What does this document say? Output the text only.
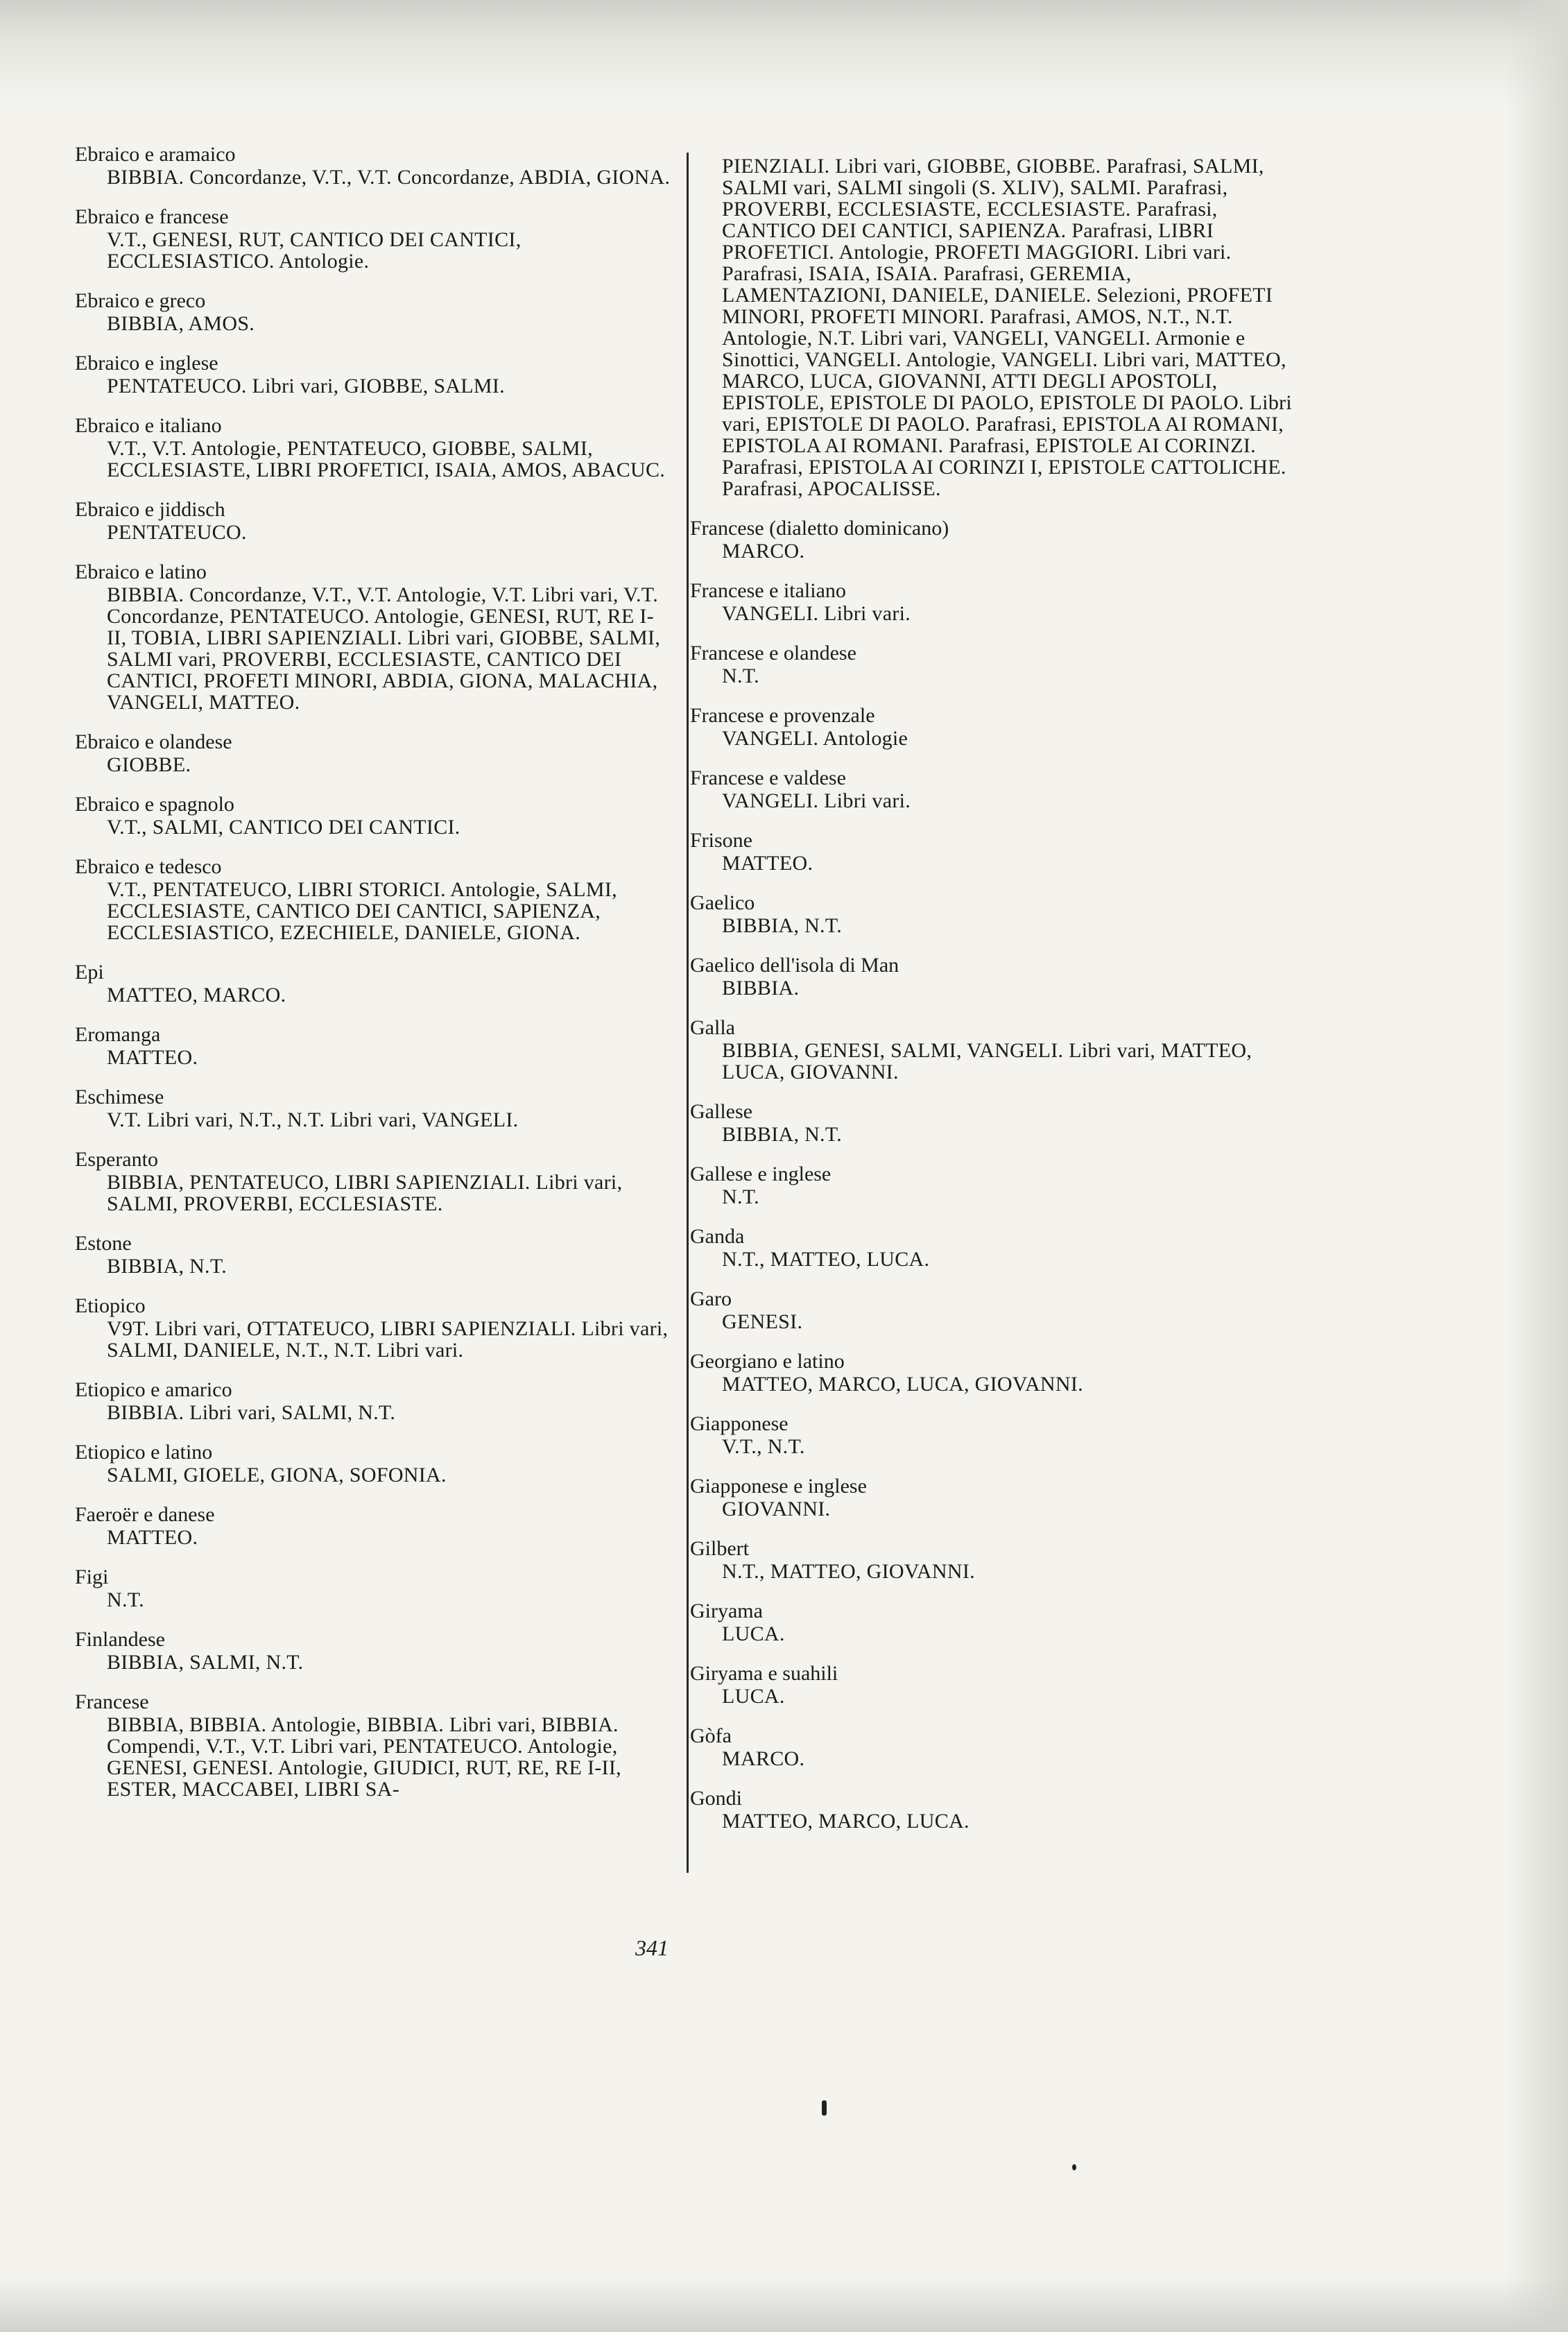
Ebraico e aramaico
BIBBIA. Concordanze, V.T., V.T. Concordanze, ABDIA, GIONA.
Ebraico e francese
V.T., GENESI, RUT, CANTICO DEI CANTICI, ECCLESIASTICO. Antologie.
Ebraico e greco
BIBBIA, AMOS.
Ebraico e inglese
PENTATEUCO. Libri vari, GIOBBE, SALMI.
Ebraico e italiano
V.T., V.T. Antologie, PENTATEUCO, GIOBBE, SALMI, ECCLESIASTE, LIBRI PROFETICI, ISAIA, AMOS, ABACUC.
Ebraico e jiddisch
PENTATEUCO.
Ebraico e latino
BIBBIA. Concordanze, V.T., V.T. Antologie, V.T. Libri vari, V.T. Concordanze, PENTATEUCO. Antologie, GENESI, RUT, RE I-II, TOBIA, LIBRI SAPIENZIALI. Libri vari, GIOBBE, SALMI, SALMI vari, PROVERBI, ECCLESIASTE, CANTICO DEI CANTICI, PROFETI MINORI, ABDIA, GIONA, MALACHIA, VANGELI, MATTEO.
Ebraico e olandese
GIOBBE.
Ebraico e spagnolo
V.T., SALMI, CANTICO DEI CANTICI.
Ebraico e tedesco
V.T., PENTATEUCO, LIBRI STORICI. Antologie, SALMI, ECCLESIASTE, CANTICO DEI CANTICI, SAPIENZA, ECCLESIASTICO, EZECHIELE, DANIELE, GIONA.
Epi
MATTEO, MARCO.
Eromanga
MATTEO.
Eschimese
V.T. Libri vari, N.T., N.T. Libri vari, VANGELI.
Esperanto
BIBBIA, PENTATEUCO, LIBRI SAPIENZIALI. Libri vari, SALMI, PROVERBI, ECCLESIASTE.
Estone
BIBBIA, N.T.
Etiopico
V9T. Libri vari, OTTATEUCO, LIBRI SAPIENZIALI. Libri vari, SALMI, DANIELE, N.T., N.T. Libri vari.
Etiopico e amarico
BIBBIA. Libri vari, SALMI, N.T.
Etiopico e latino
SALMI, GIOELE, GIONA, SOFONIA.
Faeroër e danese
MATTEO.
Figi
N.T.
Finlandese
BIBBIA, SALMI, N.T.
Francese
BIBBIA, BIBBIA. Antologie, BIBBIA. Libri vari, BIBBIA. Compendi, V.T., V.T. Libri vari, PENTATEUCO. Antologie, GENESI, GENESI. Antologie, GIUDICI, RUT, RE, RE I-II, ESTER, MACCABEI, LIBRI SA-
PIENZIALI. Libri vari, GIOBBE, GIOBBE. Parafrasi, SALMI, SALMI vari, SALMI singoli (S. XLIV), SALMI. Parafrasi, PROVERBI, ECCLESIASTE, ECCLESIASTE. Parafrasi, CANTICO DEI CANTICI, SAPIENZA. Parafrasi, LIBRI PROFETICI. Antologie, PROFETI MAGGIORI. Libri vari. Parafrasi, ISAIA, ISAIA. Parafrasi, GEREMIA, LAMENTAZIONI, DANIELE, DANIELE. Selezioni, PROFETI MINORI, PROFETI MINORI. Parafrasi, AMOS, N.T., N.T. Antologie, N.T. Libri vari, VANGELI, VANGELI. Armonie e Sinottici, VANGELI. Antologie, VANGELI. Libri vari, MATTEO, MARCO, LUCA, GIOVANNI, ATTI DEGLI APOSTOLI, EPISTOLE, EPISTOLE DI PAOLO, EPISTOLE DI PAOLO. Libri vari, EPISTOLE DI PAOLO. Parafrasi, EPISTOLA AI ROMANI, EPISTOLA AI ROMANI. Parafrasi, EPISTOLE AI CORINZI. Parafrasi, EPISTOLA AI CORINZI I, EPISTOLE CATTOLICHE. Parafrasi, APOCALISSE.
Francese (dialetto dominicano)
MARCO.
Francese e italiano
VANGELI. Libri vari.
Francese e olandese
N.T.
Francese e provenzale
VANGELI. Antologie
Francese e valdese
VANGELI. Libri vari.
Frisone
MATTEO.
Gaelico
BIBBIA, N.T.
Gaelico dell'isola di Man
BIBBIA.
Galla
BIBBIA, GENESI, SALMI, VANGELI. Libri vari, MATTEO, LUCA, GIOVANNI.
Gallese
BIBBIA, N.T.
Gallese e inglese
N.T.
Ganda
N.T., MATTEO, LUCA.
Garo
GENESI.
Georgiano e latino
MATTEO, MARCO, LUCA, GIOVANNI.
Giapponese
V.T., N.T.
Giapponese e inglese
GIOVANNI.
Gilbert
N.T., MATTEO, GIOVANNI.
Giryama
LUCA.
Giryama e suahili
LUCA.
Gòfa
MARCO.
Gondi
MATTEO, MARCO, LUCA.
341
